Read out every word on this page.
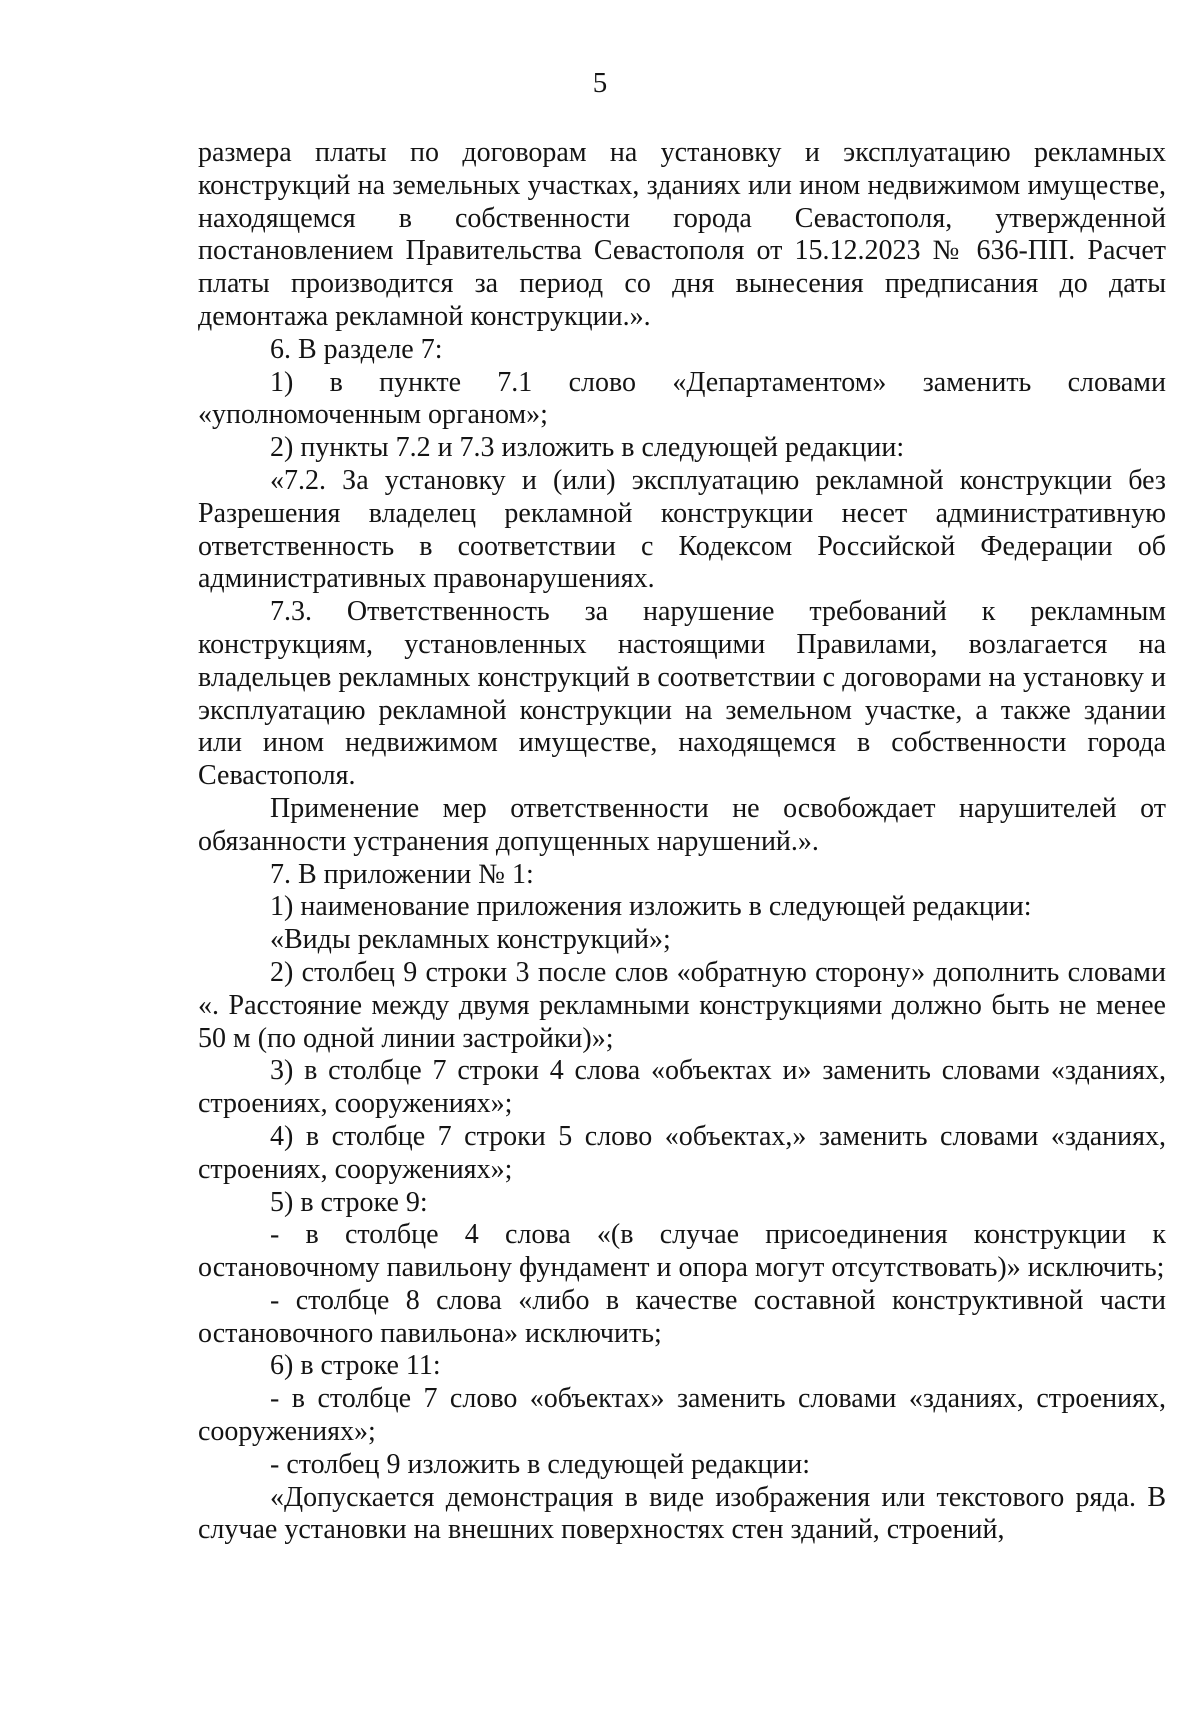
5

размера платы по договорам на установку и эксплуатацию рекламных конструкций на земельных участках, зданиях или ином недвижимом имуществе, находящемся в собственности города Севастополя, утвержденной постановлением Правительства Севастополя от 15.12.2023 № 636-ПП. Расчет платы производится за период со дня вынесения предписания до даты демонтажа рекламной конструкции.».

6. В разделе 7:

1) в пункте 7.1 слово «Департаментом» заменить словами «уполномоченным органом»;

2) пункты 7.2 и 7.3 изложить в следующей редакции:

«7.2. За установку и (или) эксплуатацию рекламной конструкции без Разрешения владелец рекламной конструкции несет административную ответственность в соответствии с Кодексом Российской Федерации об административных правонарушениях.

7.3. Ответственность за нарушение требований к рекламным конструкциям, установленных настоящими Правилами, возлагается на владельцев рекламных конструкций в соответствии с договорами на установку и эксплуатацию рекламной конструкции на земельном участке, а также здании или ином недвижимом имуществе, находящемся в собственности города Севастополя.

Применение мер ответственности не освобождает нарушителей от обязанности устранения допущенных нарушений.».

7. В приложении № 1:

1) наименование приложения изложить в следующей редакции:

«Виды рекламных конструкций»;

2) столбец 9 строки 3 после слов «обратную сторону» дополнить словами «. Расстояние между двумя рекламными конструкциями должно быть не менее 50 м (по одной линии застройки)»;

3) в столбце 7 строки 4 слова «объектах и» заменить словами «зданиях, строениях, сооружениях»;

4) в столбце 7 строки 5 слово «объектах,» заменить словами «зданиях, строениях, сооружениях»;

5) в строке 9:

- в столбце 4 слова «(в случае присоединения конструкции к остановочному павильону фундамент и опора могут отсутствовать)» исключить;

- столбце 8 слова «либо в качестве составной конструктивной части остановочного павильона» исключить;

6) в строке 11:

- в столбце 7 слово «объектах» заменить словами «зданиях, строениях, сооружениях»;

- столбец 9 изложить в следующей редакции:

«Допускается демонстрация в виде изображения или текстового ряда. В случае установки на внешних поверхностях стен зданий, строений,
